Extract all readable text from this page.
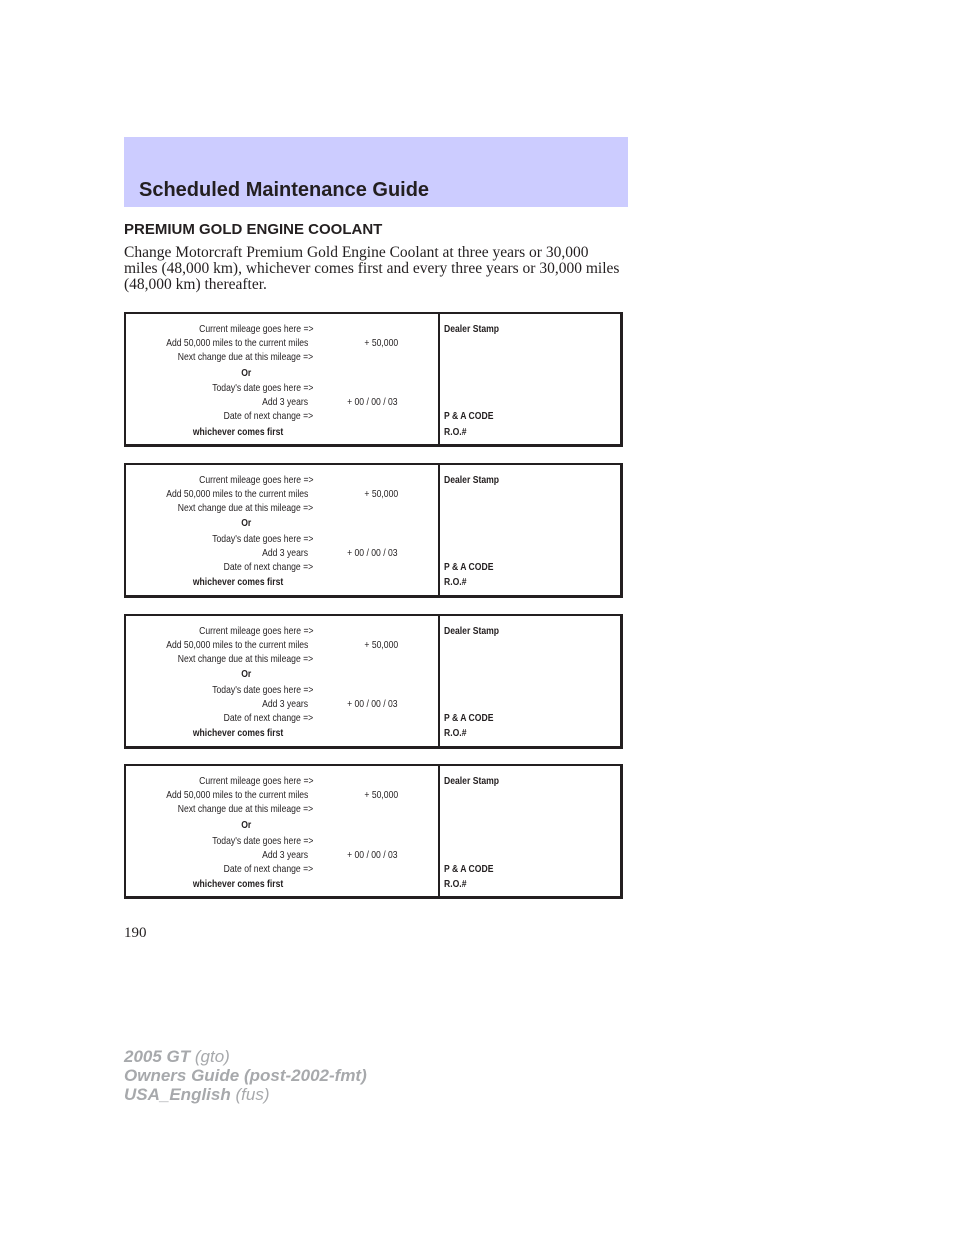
Scheduled Maintenance Guide
PREMIUM GOLD ENGINE COOLANT
Change Motorcraft Premium Gold Engine Coolant at three years or 30,000 miles (48,000 km), whichever comes first and every three years or 30,000 miles (48,000 km) thereafter.
Current mileage goes here =>
Add 50,000 miles to the current miles	+ 50,000
Next change due at this mileage =>
Or
Today's date goes here =>
Add 3 years	+ 00 / 00 / 03
Date of next change =>
whichever comes first
Dealer Stamp
P & A CODE
R.O.#
Current mileage goes here =>
Add 50,000 miles to the current miles	+ 50,000
Next change due at this mileage =>
Or
Today's date goes here =>
Add 3 years	+ 00 / 00 / 03
Date of next change =>
whichever comes first
Dealer Stamp
P & A CODE
R.O.#
Current mileage goes here =>
Add 50,000 miles to the current miles	+ 50,000
Next change due at this mileage =>
Or
Today's date goes here =>
Add 3 years	+ 00 / 00 / 03
Date of next change =>
whichever comes first
Dealer Stamp
P & A CODE
R.O.#
Current mileage goes here =>
Add 50,000 miles to the current miles	+ 50,000
Next change due at this mileage =>
Or
Today's date goes here =>
Add 3 years	+ 00 / 00 / 03
Date of next change =>
whichever comes first
Dealer Stamp
P & A CODE
R.O.#
190
2005 GT (gto)
Owners Guide (post-2002-fmt)
USA_English (fus)
